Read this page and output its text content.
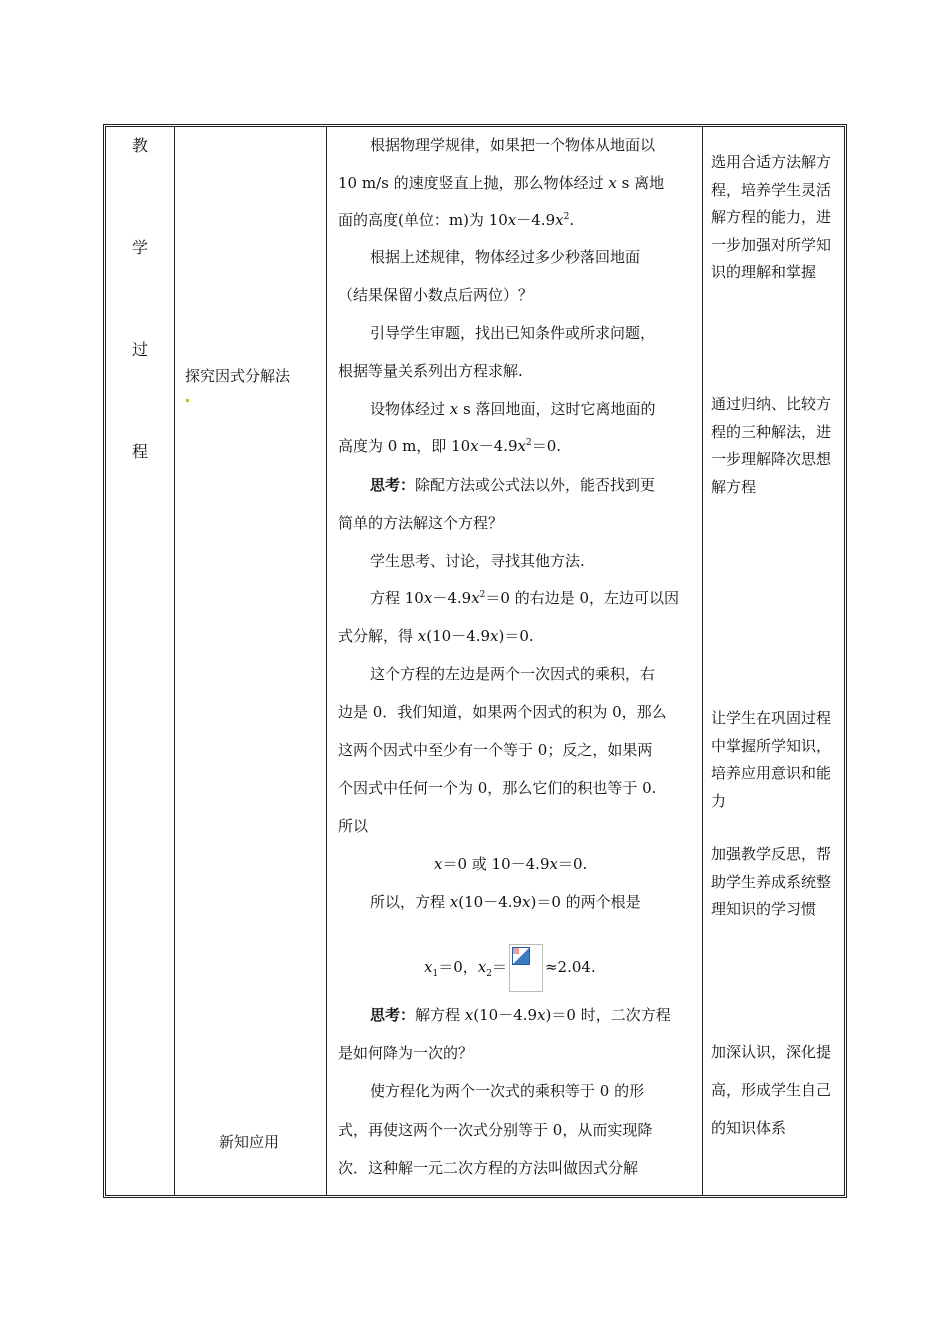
教
学
过
程
探究因式分解法
新知应用
根据物理学规律，如果把一个物体从地面以
10 m/s 的速度竖直上抛，那么物体经过 x s 离地
面的高度(单位：m)为 $10x-4.9x^2$.
根据上述规律，物体经过多少秒落回地面
（结果保留小数点后两位）？
引导学生审题，找出已知条件或所求问题，
根据等量关系列出方程求解.
设物体经过 x s 落回地面，这时它离地面的
高度为 0 m，即 $10x-4.9x^2=0$.
思考：除配方法或公式法以外，能否找到更
简单的方法解这个方程？
学生思考、讨论，寻找其他方法.
方程 $10x-4.9x^2=0$ 的右边是 0，左边可以因
式分解，得 x(10－4.9x)＝0.
这个方程的左边是两个一次因式的乘积，右
边是 0．我们知道，如果两个因式的积为 0，那么
这两个因式中至少有一个等于 0；反之，如果两
个因式中任何一个为 0，那么它们的积也等于 0.
所以
x＝0 或 10－4.9x＝0.
所以，方程 x(10－4.9x)＝0 的两个根是
$x_1=0$，$x_2=$	≈2.04.
思考：解方程 x(10－4.9x)＝0 时，二次方程
是如何降为一次的？
使方程化为两个一次式的乘积等于 0 的形
式，再使这两个一次式分别等于 0，从而实现降
次．这种解一元二次方程的方法叫做因式分解
选用合适方法解方程，培养学生灵活解方程的能力，进一步加强对所学知识的理解和掌握
通过归纳、比较方程的三种解法，进一步理解降次思想解方程
让学生在巩固过程中掌握所学知识，培养应用意识和能力
加强教学反思，帮助学生养成系统整理知识的学习惯
加深认识，深化提高，形成学生自己的知识体系
